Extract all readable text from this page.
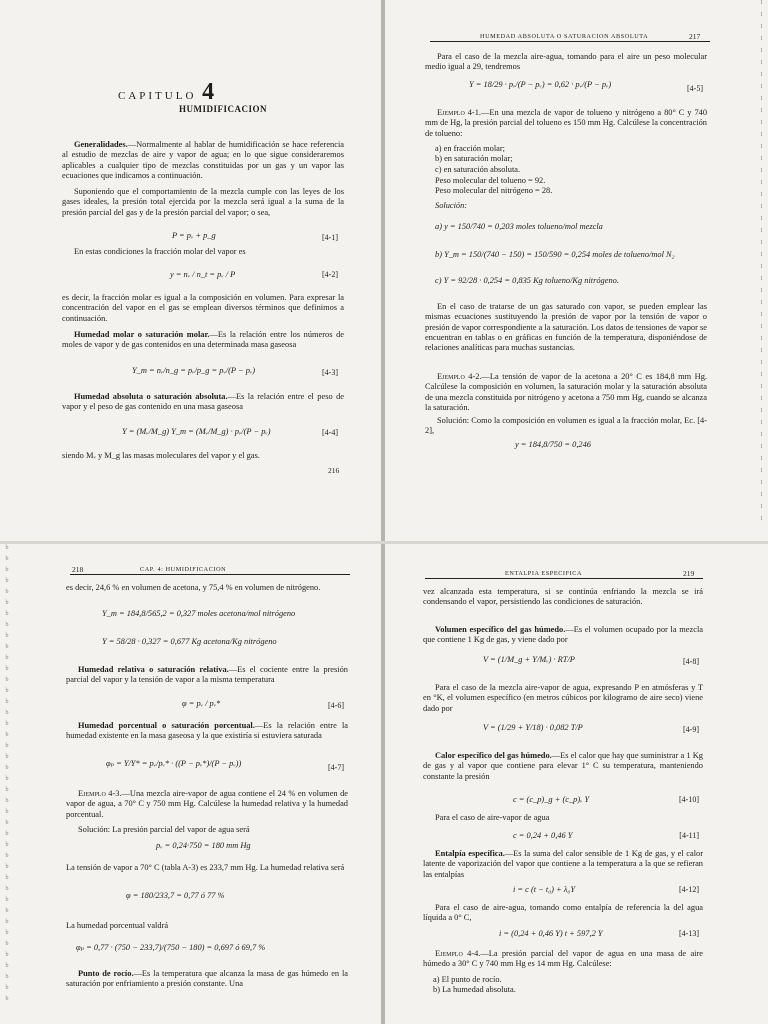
CAPITULO 4
HUMIDIFICACION

Generalidades.—Normalmente al hablar de humidificación se hace referencia al estudio de mezclas de aire y vapor de agua; en lo que sigue consideraremos aplicables a cualquier tipo de mezclas constituidas por un gas y un vapor las ecuaciones que indicamos a continuación.

Suponiendo que el comportamiento de la mezcla cumple con las leyes de los gases ideales, la presión total ejercida por la mezcla será igual a la suma de la presión parcial del gas y de la presión parcial del vapor; o sea,

P = pᵥ + p_g	[4-1]

En estas condiciones la fracción molar del vapor es

y = nᵥ / n_t = pᵥ / P	[4-2]

es decir, la fracción molar es igual a la composición en volumen. Para expresar la concentración del vapor en el gas se emplean diversos términos que definimos a continuación.

Humedad molar o saturación molar.—Es la relación entre los números de moles de vapor y de gas contenidos en una determinada masa gaseosa

Y_m = nᵥ/n_g = pᵥ/p_g = pᵥ/(P − pᵥ)	[4-3]

Humedad absoluta o saturación absoluta.—Es la relación entre el peso de vapor y el peso de gas contenido en una masa gaseosa

Y = (Mᵥ/M_g) Y_m = (Mᵥ/M_g) · pᵥ/(P − pᵥ)	[4-4]

siendo Mᵥ y M_g las masas moleculares del vapor y el gas.

216
HUMEDAD ABSOLUTA O SATURACION ABSOLUTA	217

Para el caso de la mezcla aire-agua, tomando para el aire un peso molecular medio igual a 29, tendremos

Y = 18/29 · pᵥ/(P − pᵥ) = 0,62 · pᵥ/(P − pᵥ)	[4-5]

Ejemplo 4-1.—En una mezcla de vapor de tolueno y nitrógeno a 80° C y 740 mm de Hg, la presión parcial del tolueno es 150 mm Hg. Calcúlese la concentración de tolueno:

a) en fracción molar;
b) en saturación molar;
c) en saturación absoluta.
Peso molecular del tolueno = 92.
Peso molecular del nitrógeno = 28.
Solución:
a) y = 150/740 = 0,203 moles tolueno/mol mezcla
b) Y_m = 150/(740 − 150) = 150/590 = 0,254 moles de tolueno/mol N₂
c) Y = 92/28 · 0,254 = 0,835 Kg tolueno/Kg nitrógeno.

En el caso de tratarse de un gas saturado con vapor, se pueden emplear las mismas ecuaciones sustituyendo la presión de vapor por la tensión de vapor o presión de vapor correspondiente a la saturación. Los datos de tensiones de vapor se encuentran en tablas o en gráficas en función de la temperatura, disponiéndose de relaciones analíticas para muchas sustancias.

Ejemplo 4-2.—La tensión de vapor de la acetona a 20° C es 184,8 mm Hg. Calcúlese la composición en volumen, la saturación molar y la saturación absoluta de una mezcla constituida por nitrógeno y acetona a 750 mm Hg, cuando se alcanza la saturación.

Solución: Como la composición en volumen es igual a la fracción molar, Ec. [4-2],

y = 184,8/750 = 0,246
1
1
1
1
1
1
1
1
1
1
1
1
1
1
1
1
1
1
1
1
1
1
1
1
1
1
1
1
1
1
1
1
1
1
1
1
1
1
1
1
1
1
1
1
218	CAP. 4: HUMIDIFICACION

es decir, 24,6 % en volumen de acetona, y 75,4 % en volumen de nitrógeno.

Y_m = 184,8/565,2 = 0,327 moles acetona/mol nitrógeno
Y = 58/28 · 0,327 = 0,677 Kg acetona/Kg nitrógeno

Humedad relativa o saturación relativa.—Es el cociente entre la presión parcial del vapor y la tensión de vapor a la misma temperatura

φ = pᵥ / pᵥ*	[4-6]

Humedad porcentual o saturación porcentual.—Es la relación entre la humedad existente en la masa gaseosa y la que existiría si estuviera saturada

φₚ = Y/Y* = pᵥ/pᵥ* · ((P − pᵥ*)/(P − pᵥ))	[4-7]

Ejemplo 4-3.—Una mezcla aire-vapor de agua contiene el 24 % en volumen de vapor de agua, a 70° C y 750 mm Hg. Calcúlese la humedad relativa y la humedad porcentual.

Solución: La presión parcial del vapor de agua será

pᵥ = 0,24·750 = 180 mm Hg

La tensión de vapor a 70° C (tabla A-3) es 233,7 mm Hg. La humedad relativa será

φ = 180/233,7 = 0,77 ó 77 %

La humedad porcentual valdrá

φₚ = 0,77 · (750 − 233,7)/(750 − 180) = 0,697 ó 69,7 %

Punto de rocío.—Es la temperatura que alcanza la masa de gas húmedo en la saturación por enfriamiento a presión constante. Una

b
b
b
b
b
b
b
b
b
b
b
b
b
b
b
b
b
b
b
b
b
b
b
b
b
b
b
b
b
b
b
b
b
b
b
b
b
b
b
b
b
b
ENTALPIA ESPECIFICA	219

vez alcanzada esta temperatura, si se continúa enfriando la mezcla se irá condensando el vapor, persistiendo las condiciones de saturación.

Volumen específico del gas húmedo.—Es el volumen ocupado por la mezcla que contiene 1 Kg de gas, y viene dado por

V = (1/M_g + Y/Mᵥ) · RT/P	[4-8]

Para el caso de la mezcla aire-vapor de agua, expresando P en atmósferas y T en °K, el volumen específico (en metros cúbicos por kilogramo de aire seco) viene dado por

V = (1/29 + Y/18) · 0,082 T/P	[4-9]

Calor específico del gas húmedo.—Es el calor que hay que suministrar a 1 Kg de gas y al vapor que contiene para elevar 1° C su temperatura, manteniendo constante la presión

c = (c_p)_g + (c_p)ᵥ Y	[4-10]

Para el caso de aire-vapor de agua

c = 0,24 + 0,46 Y	[4-11]

Entalpía específica.—Es la suma del calor sensible de 1 Kg de gas, y el calor latente de vaporización del vapor que contiene a la temperatura a la que se refieran las entalpías

i = c (t − t₀) + λ₀Y	[4-12]

Para el caso de aire-agua, tomando como entalpía de referencia la del agua líquida a 0° C,

i = (0,24 + 0,46 Y) t + 597,2 Y	[4-13]

Ejemplo 4-4.—La presión parcial del vapor de agua en una masa de aire húmedo a 30° C y 740 mm Hg es 14 mm Hg. Calcúlese:

a) El punto de rocío.
b) La humedad absoluta.
